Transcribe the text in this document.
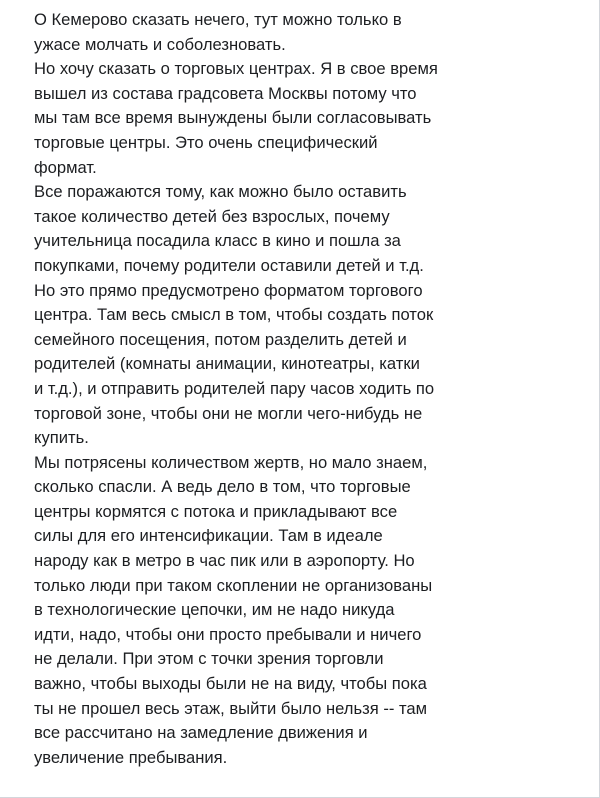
О Кемерово сказать нечего, тут можно только в

ужасе молчать и соболезновать.

Но хочу сказать о торговых центрах. Я в свое время

вышел из состава градсовета Москвы потому что

мы там все время вынуждены были согласовывать

торговые центры. Это очень специфический

формат.

Все поражаются тому, как можно было оставить

такое количество детей без взрослых, почему

учительница посадила класс в кино и пошла за

покупками, почему родители оставили детей и т.д.

Но это прямо предусмотрено форматом торгового

центра. Там весь смысл в том, чтобы создать поток

семейного посещения, потом разделить детей и

родителей (комнаты анимации, кинотеатры, катки

и т.д.), и отправить родителей пару часов ходить по

торговой зоне, чтобы они не могли чего-нибудь не

купить.

Мы потрясены количеством жертв, но мало знаем,

сколько спасли. А ведь дело в том, что торговые

центры кормятся с потока и прикладывают все

силы для его интенсификации. Там в идеале

народу как в метро в час пик или в аэропорту. Но

только люди при таком скоплении не организованы

в технологические цепочки, им не надо никуда

идти, надо, чтобы они просто пребывали и ничего

не делали. При этом с точки зрения торговли

важно, чтобы выходы были не на виду, чтобы пока

ты не прошел весь этаж, выйти было нельзя -- там

все рассчитано на замедление движения и

увеличение пребывания.
